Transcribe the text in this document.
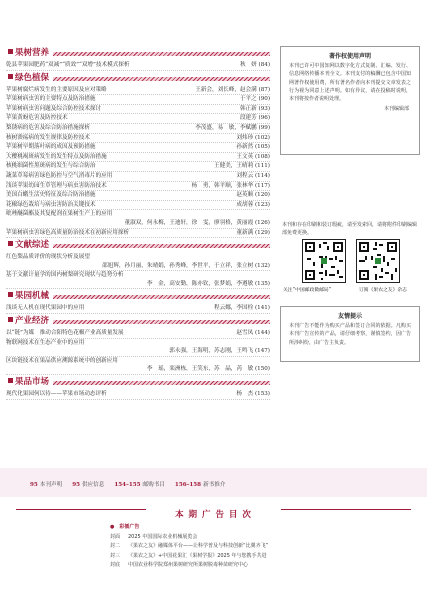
果树营养
乾县苹果园肥药“双减”“质效”“双增”技术模式探析	秋　妍 (84)
绿色植保
苹果树腐烂病发生的主要原因及应对策略	王新会，刘长峰，赵会满 (87)
苹果树病虫害的主要特点及防治措施	于平之 (90)
苹果树病虫害问题及综合防控技术探讨	韩正新 (93)
苹果黄蚜危害及防控技术	段建芳 (96)
梨锈病的危害及综合防治措施探析	李茂盛，易　敏，李赋鹏 (99)
核树溃疡病的发生规律及防控技术	刘炜珍 (102)
苹果树早期落叶病的成因及预防措施	孙新然 (105)
大樱桃褐斑病发生的发生特点及防治措施	王文英 (108)
核桃细菌性黑斑病的发生与综合防治	王健美，王晴莉 (111)
蔬菜草莓病害绿色防控与空气消毒片的应用	刘程云 (114)
浅谈苹果幼园生草管理与病虫害防治技术	杨　勇，韩平顺，张林华 (117)
美国白蛾生活史特征及综合防治措施	赵英顺 (120)
花椒绿色栽培与病虫害防治关键技术	成胡蓉 (123)
吡唑醚菌酯及其复配剂在果树生产上的应用
董淑双，何永梅，王迪轩，徐　雯，廖羽格，黄丽霞 (126)
苹果树病虫害绿色高质量防治技术在初新应用探析	董新满 (129)
文献综述
红色梨品质评价的现状分析及展望
邵旭辉，孙月丽，朱晴娟，孙秀峰，李世平，于立祥，张立树 (132)
基于文献计量学的国内树梨研究现状与趋势分析
李　金，高安勤，陈亦钦，张梦娟，李遵敏 (135)
果园机械
浅谈无人机在现代果园中的应用	程云娜，李国栓 (141)
产业经济
以“链”为媒　推动合阳特色花椒产业高质量发展	赵雪凤 (144)
物联网技术在生态产业中的应用
郭永强，王海明，苏志刚，王鸣飞 (147)
区块链技术在果品供应溯源系统中的创新应用
李　瑶，栾洲栋，王笑东，苏　晶，芮　敏 (150)
果品市场
现代化果园何以待——苹果市场动态评析	杨　杰 (153)
著作权使用声明
本刊已许可中国知网以数字化方式复制、汇编、发行、信息网络传播本刊全文。本刊支付的稿酬已包含中国知网著作权使用费，所有著名作者向本刊提交文章发表之行为视为同意上述声明。如有异议，请在投稿时说明，本刊将按作者说明处理。
本刊编辑部
本刊和存在印刷和装订瑕疵，请至发索回，请将附件印刷编辑部免费更换。
关注“中国邮政微邮局”	订阅《果农之友》杂志
友情提示
本刊广告不能作为购买产品和签订合同的依据。凡购买本刊广告宣传的产品，请仔细考察，谨慎签约，因广告所涉纠纷，由广告主负责。
95 本刊声明 95 供应信息 154–155 邮购书目 156–158 新书推介
本 期 广 告 目 次
●　彩插广告
封面 2025 中国国际农业机械展览会
封二 《果农之友》融媒体平台——让科学普及与科技创新“比翼齐飞”
封三 《果农之友》+中国花果汇《果树学报》2025 年与您携手共进
封底 中国农业科学院郑州果树研究所果树脱毒种苗研究中心
